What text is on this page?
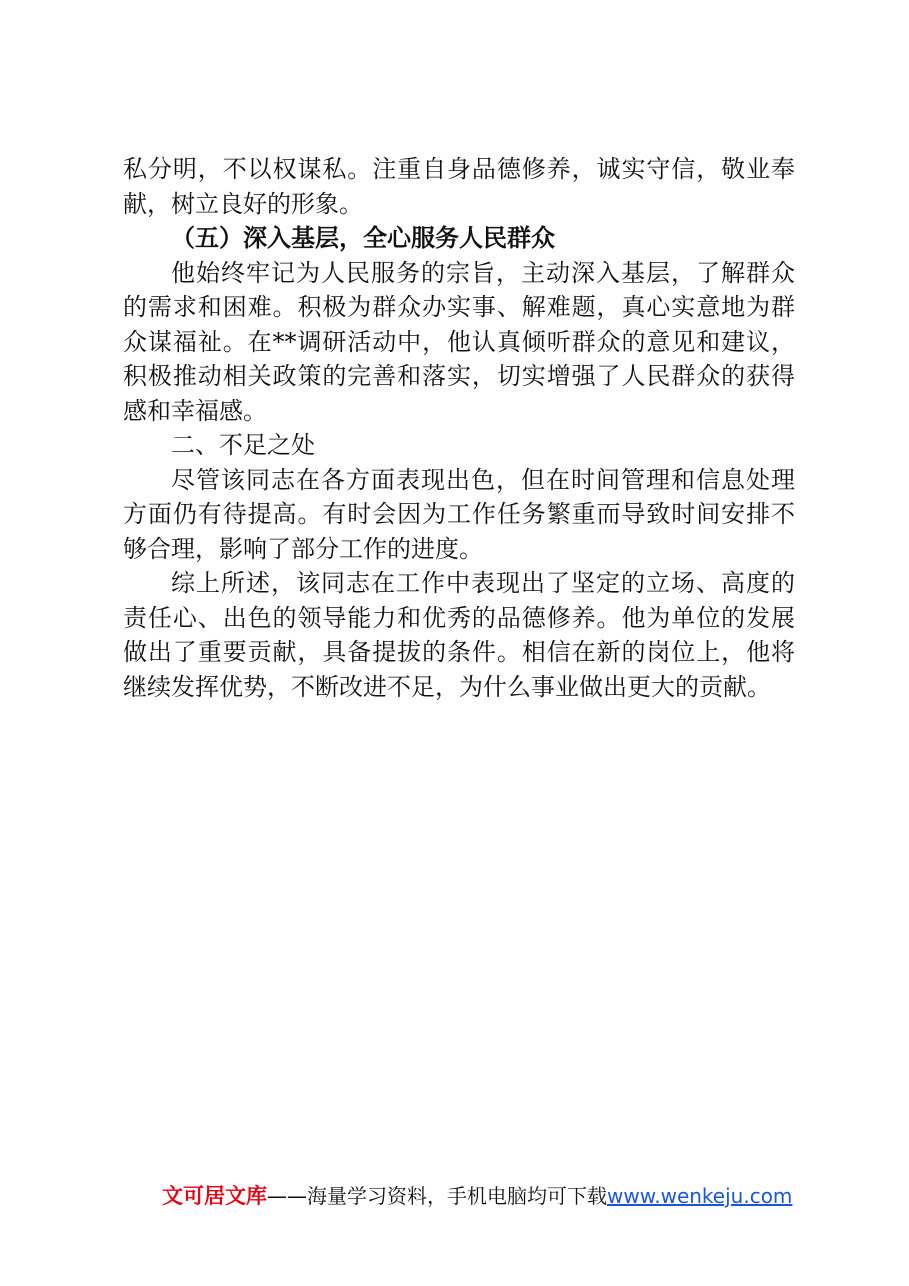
私分明，不以权谋私。注重自身品德修养，诚实守信，敬业奉
献，树立良好的形象。
（五）深入基层，全心服务人民群众
他始终牢记为人民服务的宗旨，主动深入基层，了解群众
的需求和困难。积极为群众办实事、解难题，真心实意地为群
众谋福祉。在**调研活动中，他认真倾听群众的意见和建议，
积极推动相关政策的完善和落实，切实增强了人民群众的获得
感和幸福感。
二、不足之处
尽管该同志在各方面表现出色，但在时间管理和信息处理
方面仍有待提高。有时会因为工作任务繁重而导致时间安排不
够合理，影响了部分工作的进度。
综上所述，该同志在工作中表现出了坚定的立场、高度的
责任心、出色的领导能力和优秀的品德修养。他为单位的发展
做出了重要贡献，具备提拔的条件。相信在新的岗位上，他将
继续发挥优势，不断改进不足，为什么事业做出更大的贡献。
文可居文库——海量学习资料，手机电脑均可下载www.wenkeju.com
